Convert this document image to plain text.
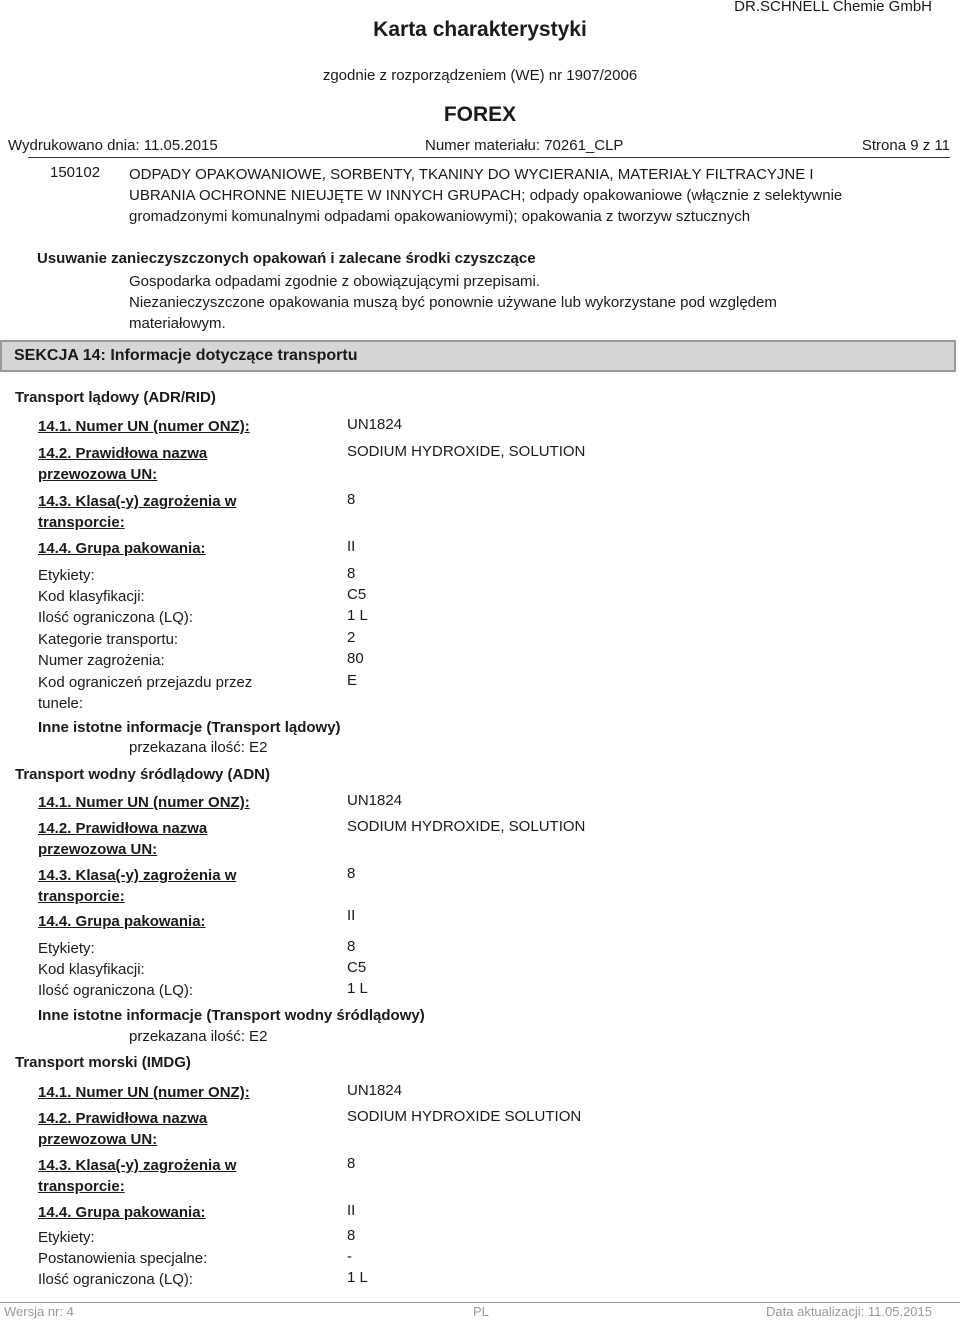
DR.SCHNELL Chemie GmbH
Karta charakterystyki
zgodnie z rozporządzeniem (WE) nr 1907/2006
FOREX
Wydrukowano dnia: 11.05.2015	Numer materiału: 70261_CLP	Strona 9 z 11
150102 ODPADY OPAKOWANIOWE, SORBENTY, TKANINY DO WYCIERANIA, MATERIAŁY FILTRACYJNE I UBRANIA OCHRONNE NIEUJĘTE W INNYCH GRUPACH; odpady opakowaniowe (włącznie z selektywnie gromadzonymi komunalnymi odpadami opakowaniowymi); opakowania z tworzyw sztucznych
Usuwanie zanieczyszczonych opakowań i zalecane środki czyszczące
Gospodarka odpadami zgodnie z obowiązującymi przepisami.
Niezanieczyszczone opakowania muszą być ponownie używane lub wykorzystane pod względem materiałowym.
SEKCJA 14: Informacje dotyczące transportu
Transport lądowy (ADR/RID)
14.1. Numer UN (numer ONZ):	UN1824
14.2. Prawidłowa nazwa
przewozowa UN:
SODIUM HYDROXIDE, SOLUTION
14.3. Klasa(-y) zagrożenia w
transporcie:
8
14.4. Grupa pakowania:	II
Etykiety:	8
Kod klasyfikacji:	C5
Ilość ograniczona (LQ):	1 L
Kategorie transportu:	2
Numer zagrożenia:	80
Kod ograniczeń przejazdu przez
tunele:
E
Inne istotne informacje (Transport lądowy)
przekazana ilość: E2
Transport wodny śródlądowy (ADN)
14.1. Numer UN (numer ONZ):	UN1824
14.2. Prawidłowa nazwa
przewozowa UN:
SODIUM HYDROXIDE, SOLUTION
14.3. Klasa(-y) zagrożenia w
transporcie:
8
14.4. Grupa pakowania:	II
Etykiety:	8
Kod klasyfikacji:	C5
Ilość ograniczona (LQ):	1 L
Inne istotne informacje (Transport wodny śródlądowy)
przekazana ilość: E2
Transport morski (IMDG)
14.1. Numer UN (numer ONZ):	UN1824
14.2. Prawidłowa nazwa
przewozowa UN:
SODIUM HYDROXIDE SOLUTION
14.3. Klasa(-y) zagrożenia w
transporcie:
8
14.4. Grupa pakowania:	II
Etykiety:	8
Postanowienia specjalne:	-
Ilość ograniczona (LQ):	1 L
Wersja nr: 4	PL	Data aktualizacji: 11.05.2015
